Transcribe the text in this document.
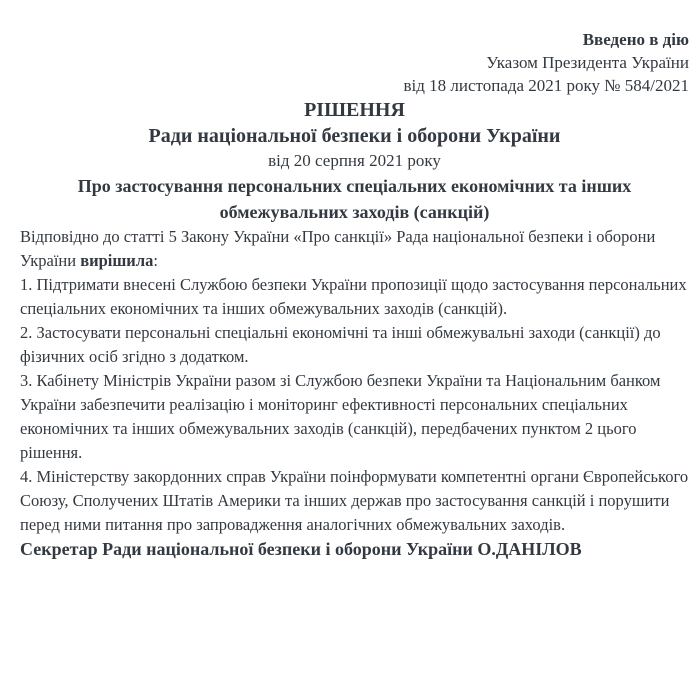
Введено в дію
Указом Президента України
від 18 листопада 2021 року № 584/2021
РІШЕННЯ
Ради національної безпеки і оборони України

від 20 серпня 2021 року

Про застосування персональних спеціальних економічних та інших
обмежувальних заходів (санкцій)

Відповідно до статті 5 Закону України «Про санкції» Рада національної безпеки і оборони України вирішила:

1. Підтримати внесені Службою безпеки України пропозиції щодо застосування персональних спеціальних економічних та інших обмежувальних заходів (санкцій).

2. Застосувати персональні спеціальні економічні та інші обмежувальні заходи (санкції) до фізичних осіб згідно з додатком.

3. Кабінету Міністрів України разом зі Службою безпеки України та Національним банком України забезпечити реалізацію і моніторинг ефективності персональних спеціальних економічних та інших обмежувальних заходів (санкцій), передбачених пунктом 2 цього рішення.

4. Міністерству закордонних справ України поінформувати компетентні органи Європейського Союзу, Сполучених Штатів Америки та інших держав про застосування санкцій і порушити перед ними питання про запровадження аналогічних обмежувальних заходів.

Секретар Ради національної безпеки і оборони України О.ДАНІЛОВ
